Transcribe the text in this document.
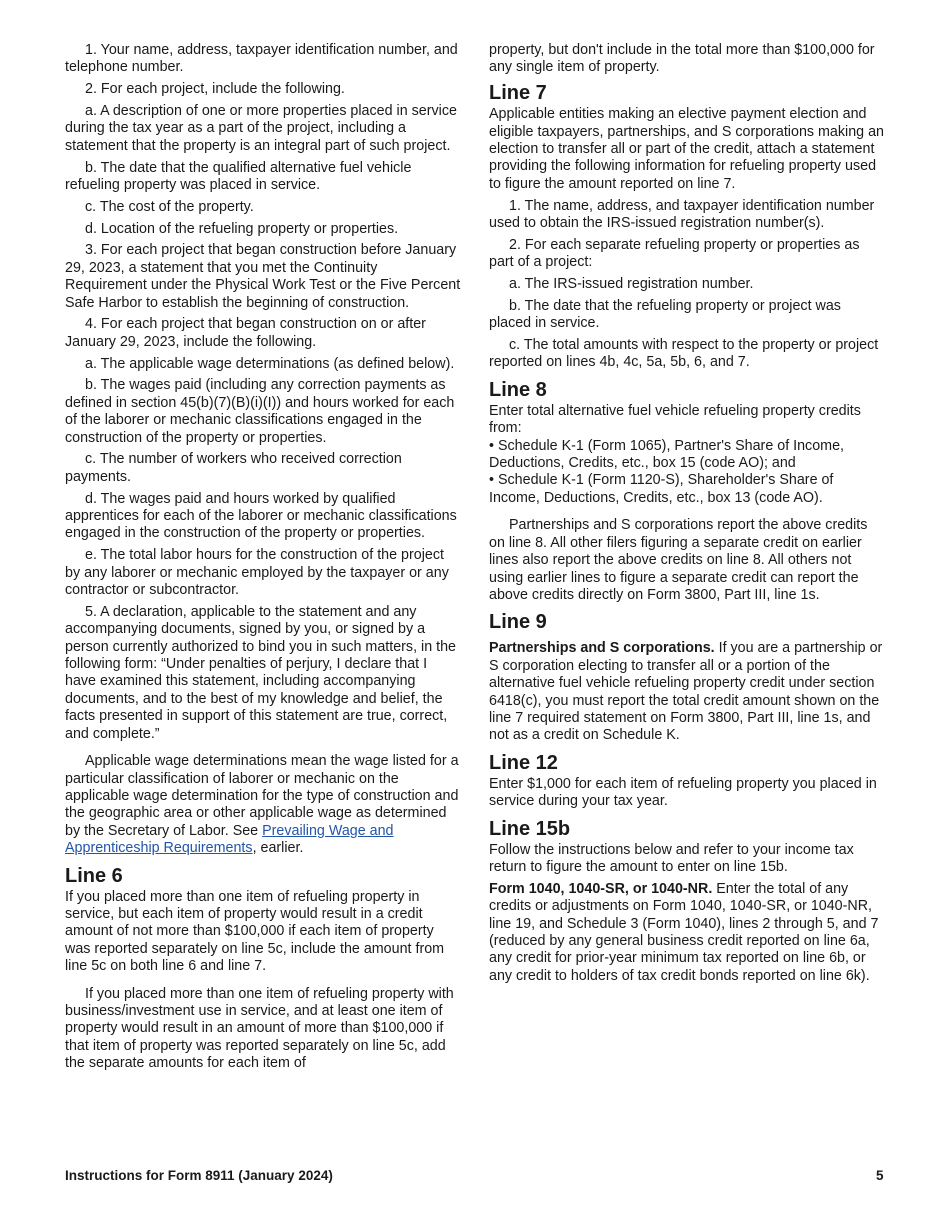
1. Your name, address, taxpayer identification number, and telephone number.

2. For each project, include the following.

a. A description of one or more properties placed in service during the tax year as a part of the project, including a statement that the property is an integral part of such project.

b. The date that the qualified alternative fuel vehicle refueling property was placed in service.

c. The cost of the property.

d. Location of the refueling property or properties.

3. For each project that began construction before January 29, 2023, a statement that you met the Continuity Requirement under the Physical Work Test or the Five Percent Safe Harbor to establish the beginning of construction.

4. For each project that began construction on or after January 29, 2023, include the following.

a. The applicable wage determinations (as defined below).

b. The wages paid (including any correction payments as defined in section 45(b)(7)(B)(i)(I)) and hours worked for each of the laborer or mechanic classifications engaged in the construction of the property or properties.

c. The number of workers who received correction payments.

d. The wages paid and hours worked by qualified apprentices for each of the laborer or mechanic classifications engaged in the construction of the property or properties.

e. The total labor hours for the construction of the project by any laborer or mechanic employed by the taxpayer or any contractor or subcontractor.

5. A declaration, applicable to the statement and any accompanying documents, signed by you, or signed by a person currently authorized to bind you in such matters, in the following form: “Under penalties of perjury, I declare that I have examined this statement, including accompanying documents, and to the best of my knowledge and belief, the facts presented in support of this statement are true, correct, and complete.”

Applicable wage determinations mean the wage listed for a particular classification of laborer or mechanic on the applicable wage determination for the type of construction and the geographic area or other applicable wage as determined by the Secretary of Labor. See Prevailing Wage and Apprenticeship Requirements, earlier.

Line 6

If you placed more than one item of refueling property in service, but each item of property would result in a credit amount of not more than $100,000 if each item of property was reported separately on line 5c, include the amount from line 5c on both line 6 and line 7.

If you placed more than one item of refueling property with business/investment use in service, and at least one item of property would result in an amount of more than $100,000 if that item of property was reported separately on line 5c, add the separate amounts for each item of

property, but don't include in the total more than $100,000 for any single item of property.

Line 7

Applicable entities making an elective payment election and eligible taxpayers, partnerships, and S corporations making an election to transfer all or part of the credit, attach a statement providing the following information for refueling property used to figure the amount reported on line 7.

1. The name, address, and taxpayer identification number used to obtain the IRS-issued registration number(s).

2. For each separate refueling property or properties as part of a project:

a. The IRS-issued registration number.

b. The date that the refueling property or project was placed in service.

c. The total amounts with respect to the property or project reported on lines 4b, 4c, 5a, 5b, 6, and 7.

Line 8

Enter total alternative fuel vehicle refueling property credits from:

• Schedule K-1 (Form 1065), Partner's Share of Income, Deductions, Credits, etc., box 15 (code AO); and

• Schedule K-1 (Form 1120-S), Shareholder's Share of Income, Deductions, Credits, etc., box 13 (code AO).

Partnerships and S corporations report the above credits on line 8. All other filers figuring a separate credit on earlier lines also report the above credits on line 8. All others not using earlier lines to figure a separate credit can report the above credits directly on Form 3800, Part III, line 1s.

Line 9

Partnerships and S corporations. If you are a partnership or S corporation electing to transfer all or a portion of the alternative fuel vehicle refueling property credit under section 6418(c), you must report the total credit amount shown on the line 7 required statement on Form 3800, Part III, line 1s, and not as a credit on Schedule K.

Line 12

Enter $1,000 for each item of refueling property you placed in service during your tax year.

Line 15b

Follow the instructions below and refer to your income tax return to figure the amount to enter on line 15b.

Form 1040, 1040-SR, or 1040-NR. Enter the total of any credits or adjustments on Form 1040, 1040-SR, or 1040-NR, line 19, and Schedule 3 (Form 1040), lines 2 through 5, and 7 (reduced by any general business credit reported on line 6a, any credit for prior-year minimum tax reported on line 6b, or any credit to holders of tax credit bonds reported on line 6k).

Instructions for Form 8911 (January 2024)	5
